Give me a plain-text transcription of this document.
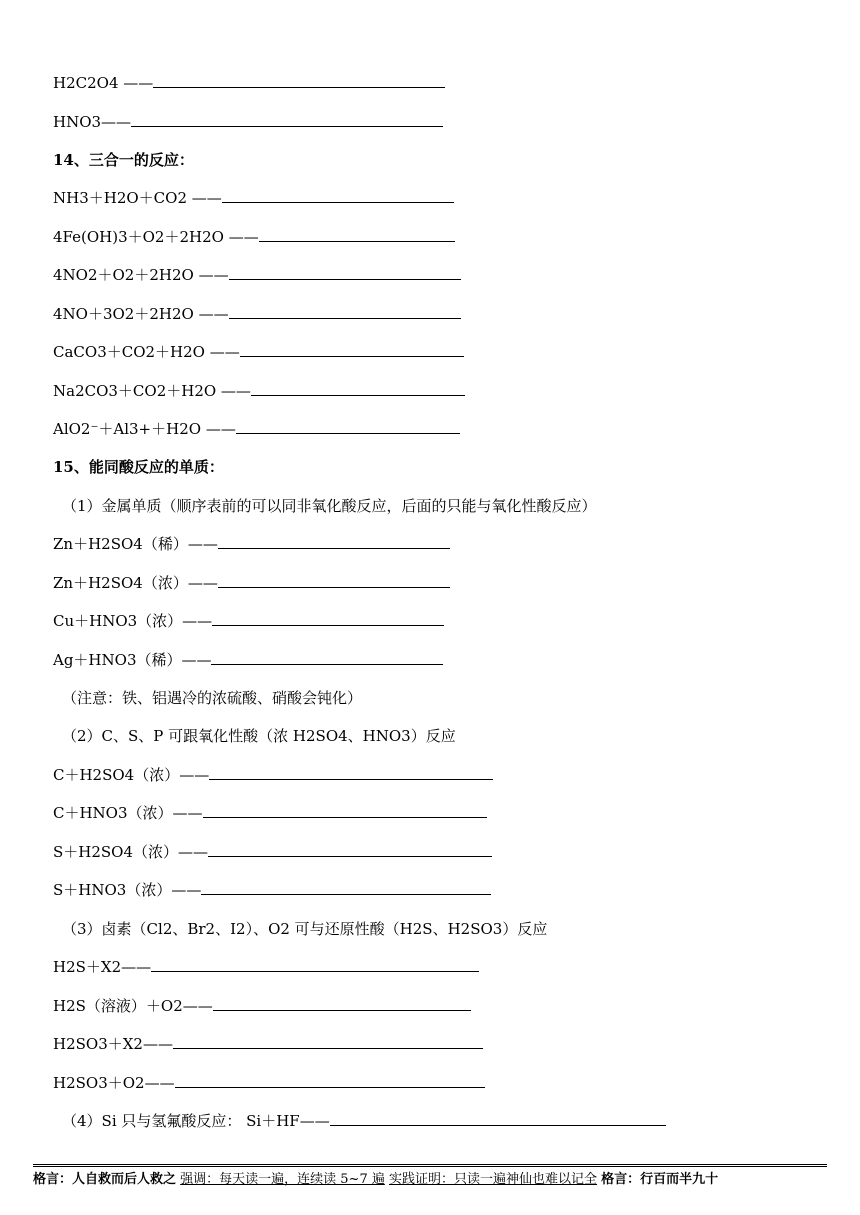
H2C2O4 ——
HNO3——
14、三合一的反应：
NH3＋H2O＋CO2 ——
4Fe(OH)3＋O2＋2H2O ——
4NO2＋O2＋2H2O ——
4NO＋3O2＋2H2O ——
CaCO3＋CO2＋H2O ——
Na2CO3＋CO2＋H2O ——
AlO2⁻＋Al3+＋H2O ——
15、能同酸反应的单质：
（1）金属单质（顺序表前的可以同非氧化酸反应，后面的只能与氧化性酸反应）
Zn＋H2SO4（稀）——
Zn＋H2SO4（浓）——
Cu＋HNO3（浓）——
Ag＋HNO3（稀）——
（注意：铁、铝遇冷的浓硫酸、硝酸会钝化）
（2）C、S、P 可跟氧化性酸（浓 H2SO4、HNO3）反应
C＋H2SO4（浓）——
C＋HNO3（浓）——
S＋H2SO4（浓）——
S＋HNO3（浓）——
（3）卤素（Cl2、Br2、I2）、O2 可与还原性酸（H2S、H2SO3）反应
H2S＋X2——
H2S（溶液）＋O2——
H2SO3＋X2——
H2SO3＋O2——
（4）Si 只与氢氟酸反应： Si＋HF——
格言：人自救而后人救之 强调：每天读一遍，连续读 5~7 遍 实践证明：只读一遍神仙也难以记全 格言：行百而半九十
